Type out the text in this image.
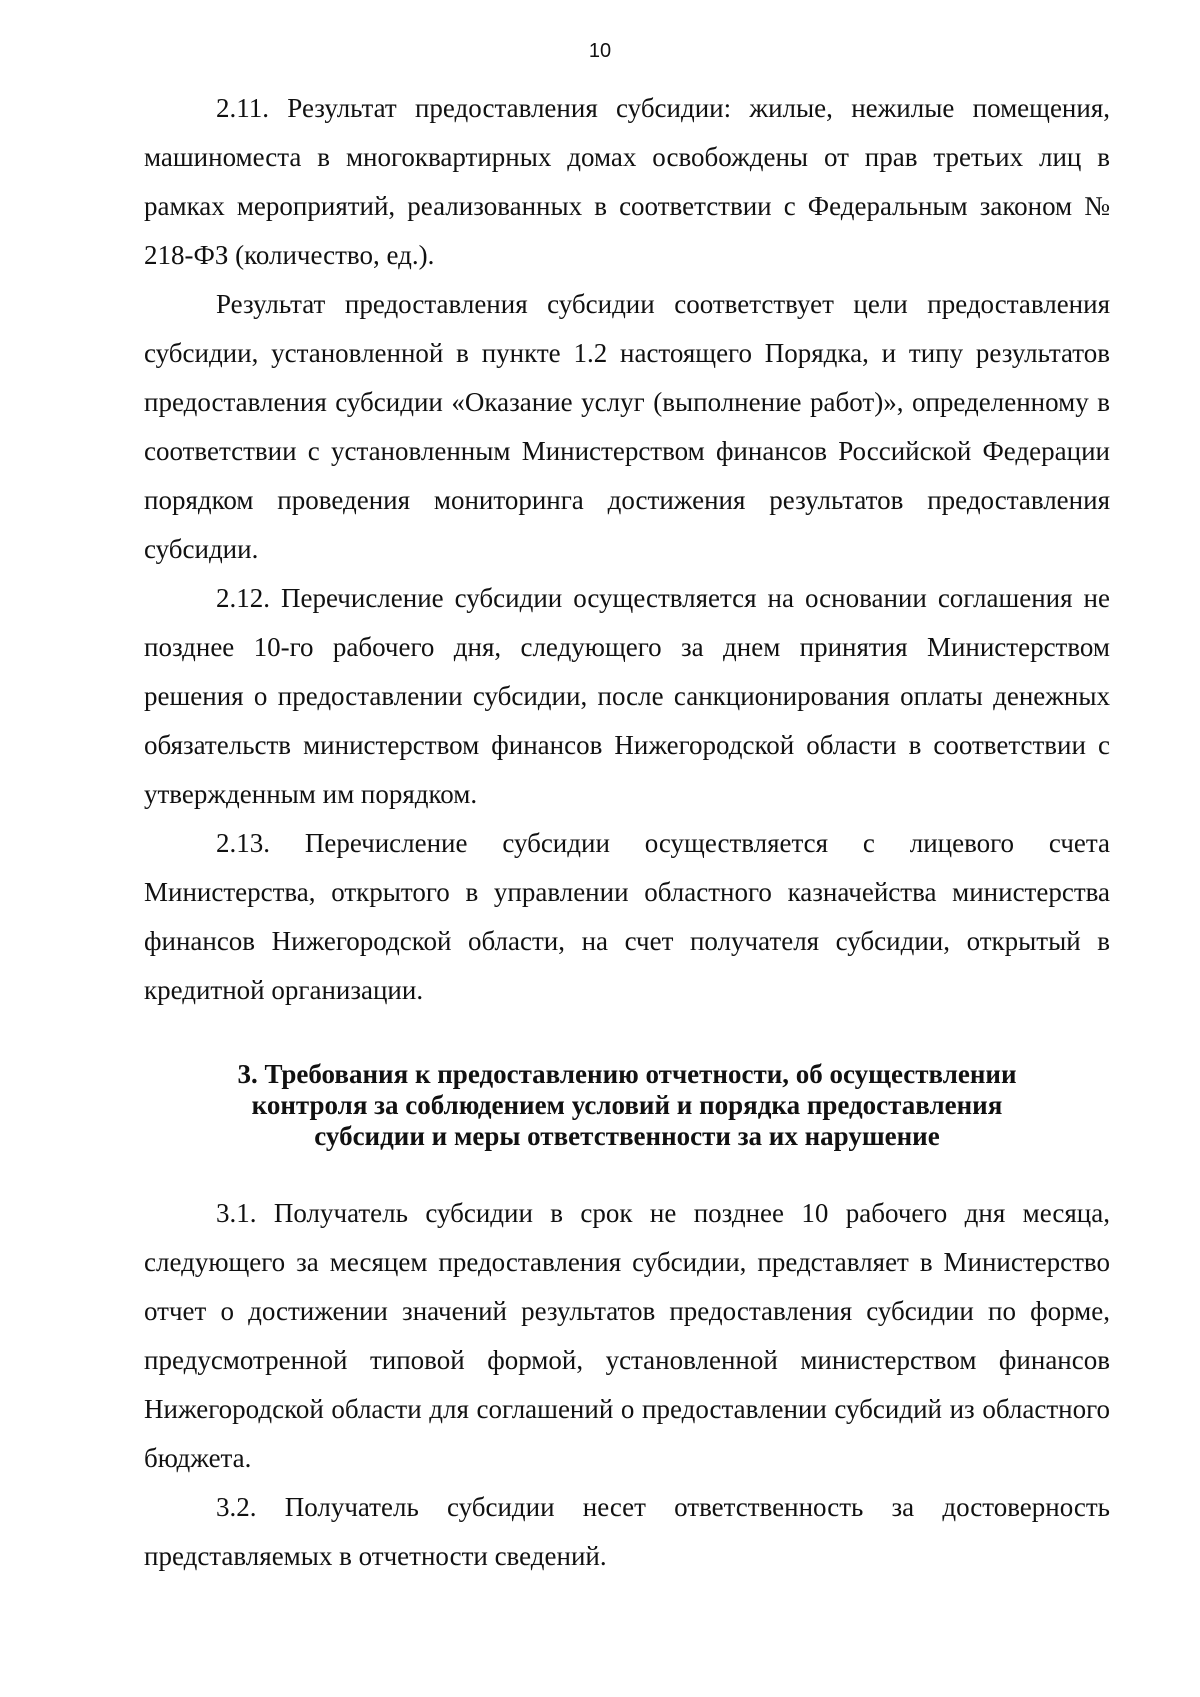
10

2.11. Результат предоставления субсидии: жилые, нежилые помещения, машиноместа в многоквартирных домах освобождены от прав третьих лиц в рамках мероприятий, реализованных в соответствии с Федеральным законом № 218-ФЗ (количество, ед.).

Результат предоставления субсидии соответствует цели предоставления субсидии, установленной в пункте 1.2 настоящего Порядка, и типу результатов предоставления субсидии «Оказание услуг (выполнение работ)», определенному в соответствии с установленным Министерством финансов Российской Федерации порядком проведения мониторинга достижения результатов предоставления субсидии.

2.12. Перечисление субсидии осуществляется на основании соглашения не позднее 10-го рабочего дня, следующего за днем принятия Министерством решения о предоставлении субсидии, после санкционирования оплаты денежных обязательств министерством финансов Нижегородской области в соответствии с утвержденным им порядком.

2.13. Перечисление субсидии осуществляется с лицевого счета Министерства, открытого в управлении областного казначейства министерства финансов Нижегородской области, на счет получателя субсидии, открытый в кредитной организации.

3. Требования к предоставлению отчетности, об осуществлении контроля за соблюдением условий и порядка предоставления субсидии и меры ответственности за их нарушение

3.1. Получатель субсидии в срок не позднее 10 рабочего дня месяца, следующего за месяцем предоставления субсидии, представляет в Министерство отчет о достижении значений результатов предоставления субсидии по форме, предусмотренной типовой формой, установленной министерством финансов Нижегородской области для соглашений о предоставлении субсидий из областного бюджета.

3.2. Получатель субсидии несет ответственность за достоверность представляемых в отчетности сведений.
